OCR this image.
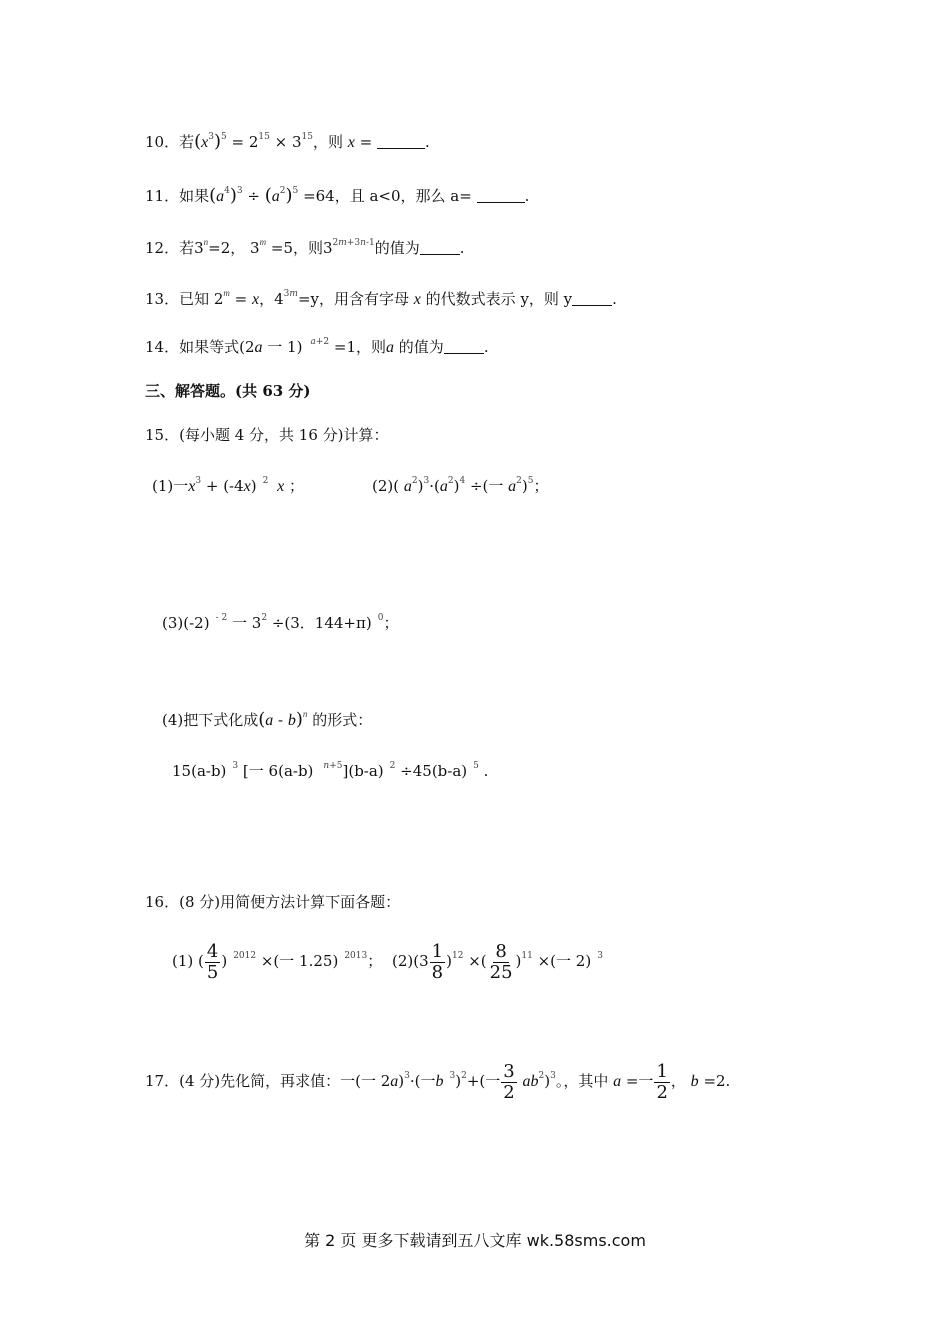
10．若$(x^3)^5 = 2^{15} \times 3^{15}$，则 x =	.
11．如果$(a^4)^3 \div (a^2)^5 =64$，且 a<0，那么 a=	.
12．若$3^n=2$， $3^m =5$，则$3^{2m+3n-1}$的值为	.
13．已知 $2^m = x$，$4^{3m}=y$，用含有字母 x 的代数式表示 y，则 y	.
14．如果等式(2a 一 1) $^{a+2}$ =1，则a 的值为	.
三、解答题。(共 63 分)
15．(每小题 4 分，共 16 分)计算：
(1)一$x^3 + (-4x)$ $^2$ x ；	(2)( $a^2)^3\cdot(a^2)^4$ ÷(一 $a^2)^5$；
(3)(-2) $^{- 2}$ 一 $3^2 \div(3$．144+π) $^0$；
(4)把下式化成(a - b)$^n$ 的形式：
15(a-b) $^3$ [一 6(a-b) $^{n+5}$](b-a) $^2$ ÷45(b-a) $^5$ .
16．(8 分)用简便方法计算下面各题：
(1) ( $\frac{4}{5}$ ) $^{2012}$ ×(一 1.25) $^{2013}$； $(2)(3 \frac{1}{8} )^{12}$ ×( $\frac{8}{25} )^{11}$ ×(一 2) $^3$
17．(4 分)先化简，再求值：一(一 2a)$^3$·(一b $^3$)$^2$+(一 $\frac{3}{2} ab^2)^3$。，其中 a =一 $\frac{1}{2}$ ， b =2.
第 2 页 更多下载请到五八文库 wk.58sms.com
